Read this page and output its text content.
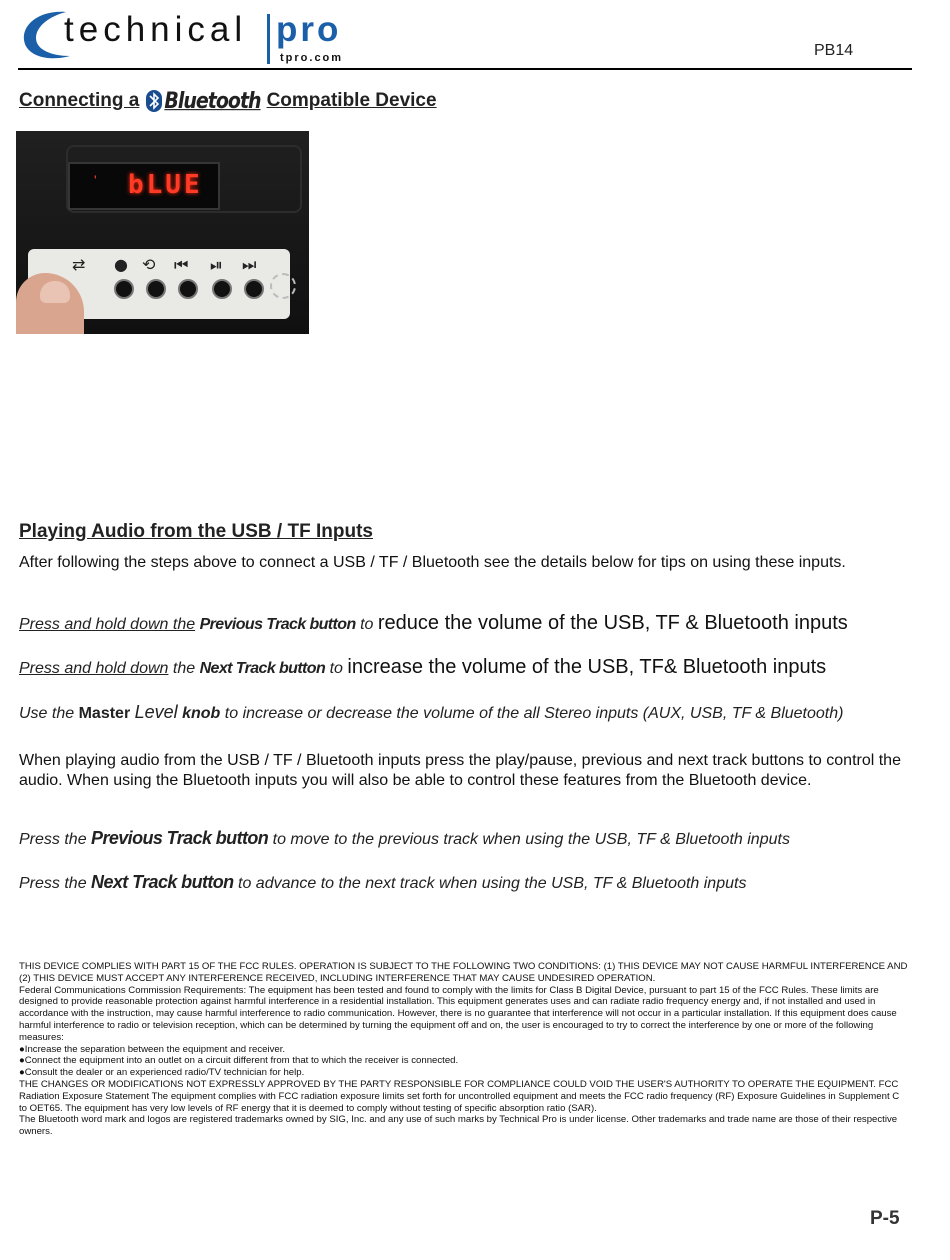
technical pro
tpro.com	PB14
Connecting a Bluetooth Compatible Device
' bLUE
⇄ ● ⟲ ⏮ ⏯ ⏭
Playing Audio from the USB / TF Inputs
After following the steps above to connect a USB / TF / Bluetooth see the details below for tips on using these inputs.
Press and hold down the Previous Track button to reduce the volume of the USB, TF & Bluetooth inputs
Press and hold down the Next Track button to increase the volume of the USB, TF& Bluetooth inputs
Use the Master Level knob to increase or decrease the volume of the all Stereo inputs (AUX, USB, TF & Bluetooth)
When playing audio from the USB / TF / Bluetooth inputs press the play/pause, previous and next track buttons to control the audio. When using the Bluetooth inputs you will also be able to control these features from the Bluetooth device.
Press the Previous Track button to move to the previous track when using the USB, TF & Bluetooth inputs
Press the Next Track button to advance to the next track when using the USB, TF & Bluetooth inputs
THIS DEVICE COMPLIES WITH PART 15 OF THE FCC RULES. OPERATION IS SUBJECT TO THE FOLLOWING TWO CONDITIONS: (1) THIS DEVICE MAY NOT CAUSE HARMFUL INTERFERENCE AND (2) THIS DEVICE MUST ACCEPT ANY INTERFERENCE RECEIVED, INCLUDING INTERFERENCE THAT MAY CAUSE UNDESIRED OPERATION.
Federal Communications Commission Requirements: The equipment has been tested and found to comply with the limits for Class B Digital Device, pursuant to part 15 of the FCC Rules. These limits are designed to provide reasonable protection against harmful interference in a residential installation. This equipment generates uses and can radiate radio frequency energy and, if not installed and used in accordance with the instruction, may cause harmful interference to radio communication. However, there is no guarantee that interference will not occur in a particular installation. If this equipment does cause harmful interference to radio or television reception, which can be determined by turning the equipment off and on, the user is encouraged to try to correct the interference by one or more of the following measures:
●Increase the separation between the equipment and receiver.
●Connect the equipment into an outlet on a circuit different from that to which the receiver is connected.
●Consult the dealer or an experienced radio/TV technician for help.
THE CHANGES OR MODIFICATIONS NOT EXPRESSLY APPROVED BY THE PARTY RESPONSIBLE FOR COMPLIANCE COULD VOID THE USER'S AUTHORITY TO OPERATE THE EQUIPMENT. FCC Radiation Exposure Statement The equipment complies with FCC radiation exposure limits set forth for uncontrolled equipment and meets the FCC radio frequency (RF) Exposure Guidelines in Supplement C to OET65. The equipment has very low levels of RF energy that it is deemed to comply without testing of specific absorption ratio (SAR).
The Bluetooth word mark and logos are registered trademarks owned by SIG, Inc. and any use of such marks by Technical Pro is under license. Other trademarks and trade name are those of their respective owners.
P-5
